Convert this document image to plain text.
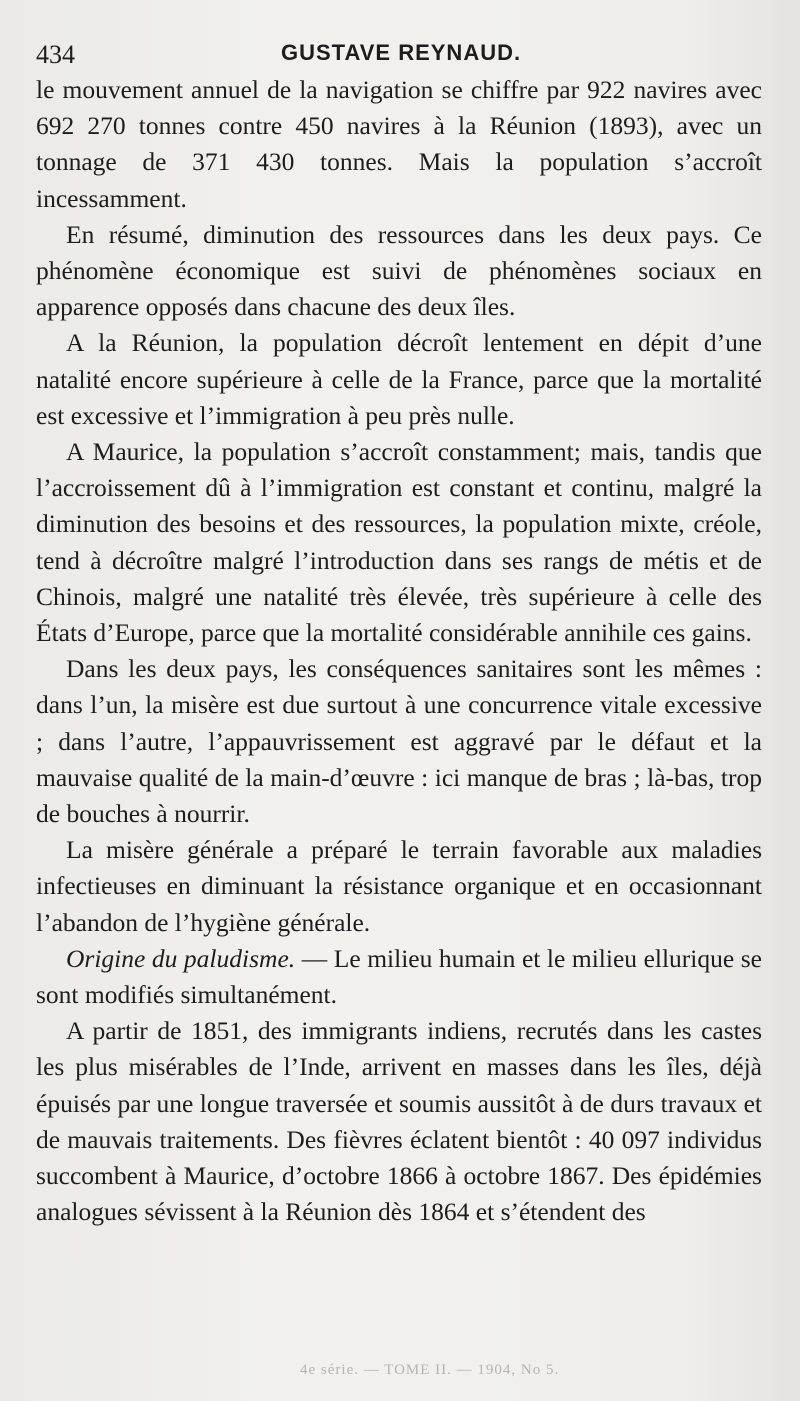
434	GUSTAVE REYNAUD.

le mouvement annuel de la navigation se chiffre par 922 navires avec 692 270 tonnes contre 450 navires à la Réunion (1893), avec un tonnage de 371 430 tonnes. Mais la population s’accroît incessamment.

En résumé, diminution des ressources dans les deux pays. Ce phénomène économique est suivi de phénomènes sociaux en apparence opposés dans chacune des deux îles.

A la Réunion, la population décroît lentement en dépit d’une natalité encore supérieure à celle de la France, parce que la mortalité est excessive et l’immigration à peu près nulle.

A Maurice, la population s’accroît constamment; mais, tandis que l’accroissement dû à l’immigration est constant et continu, malgré la diminution des besoins et des ressources, la population mixte, créole, tend à décroître malgré l’introduction dans ses rangs de métis et de Chinois, malgré une natalité très élevée, très supérieure à celle des États d’Europe, parce que la mortalité considérable annihile ces gains.

Dans les deux pays, les conséquences sanitaires sont les mêmes : dans l’un, la misère est due surtout à une concurrence vitale excessive ; dans l’autre, l’appauvrissement est aggravé par le défaut et la mauvaise qualité de la main-d’œuvre : ici manque de bras ; là-bas, trop de bouches à nourrir.

La misère générale a préparé le terrain favorable aux maladies infectieuses en diminuant la résistance organique et en occasionnant l’abandon de l’hygiène générale.

Origine du paludisme. — Le milieu humain et le milieu ellurique se sont modifiés simultanément.

A partir de 1851, des immigrants indiens, recrutés dans les castes les plus misérables de l’Inde, arrivent en masses dans les îles, déjà épuisés par une longue traversée et soumis aussitôt à de durs travaux et de mauvais traitements. Des fièvres éclatent bientôt : 40 097 individus succombent à Maurice, d’octobre 1866 à octobre 1867. Des épidémies analogues sévissent à la Réunion dès 1864 et s’étendent des

4e série. — TOME II. — 1904, No 5.
